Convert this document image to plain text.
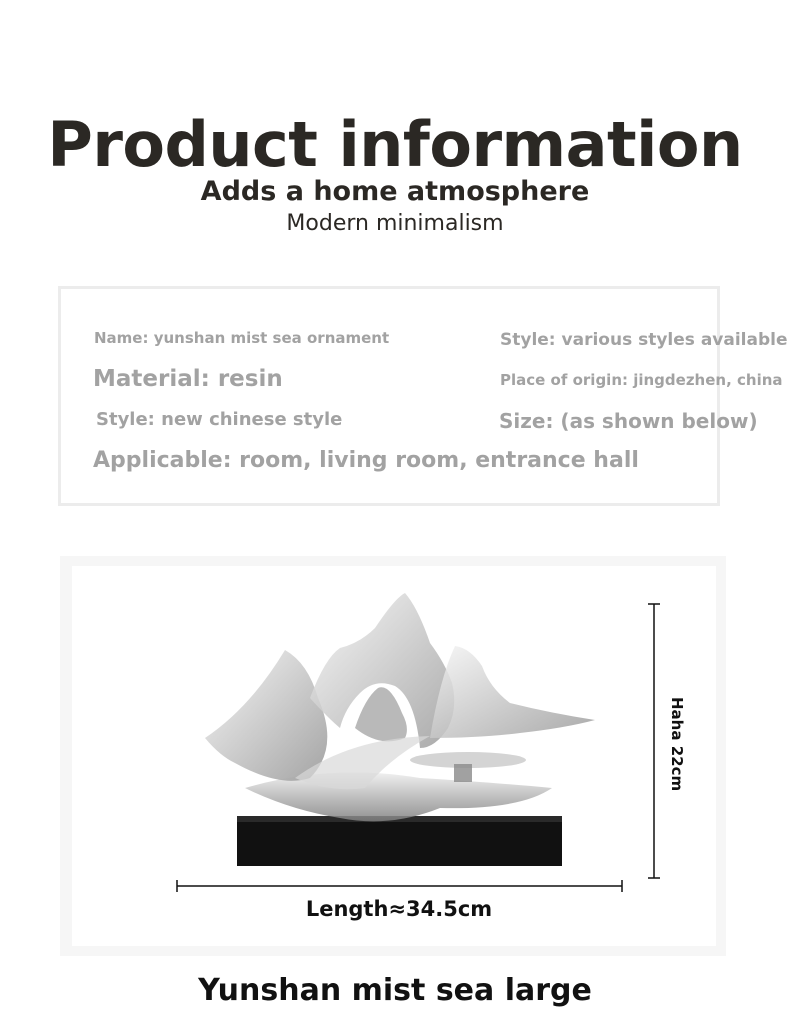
Product information
Adds a home atmosphere
Modern minimalism
Name: yunshan mist sea ornament
Material: resin
Style: new chinese style
Applicable: room, living room, entrance hall
Style: various styles available
Place of origin: jingdezhen, china
Size: (as shown below)
Length≈34.5cm
Haha 22cm
Yunshan mist sea large
